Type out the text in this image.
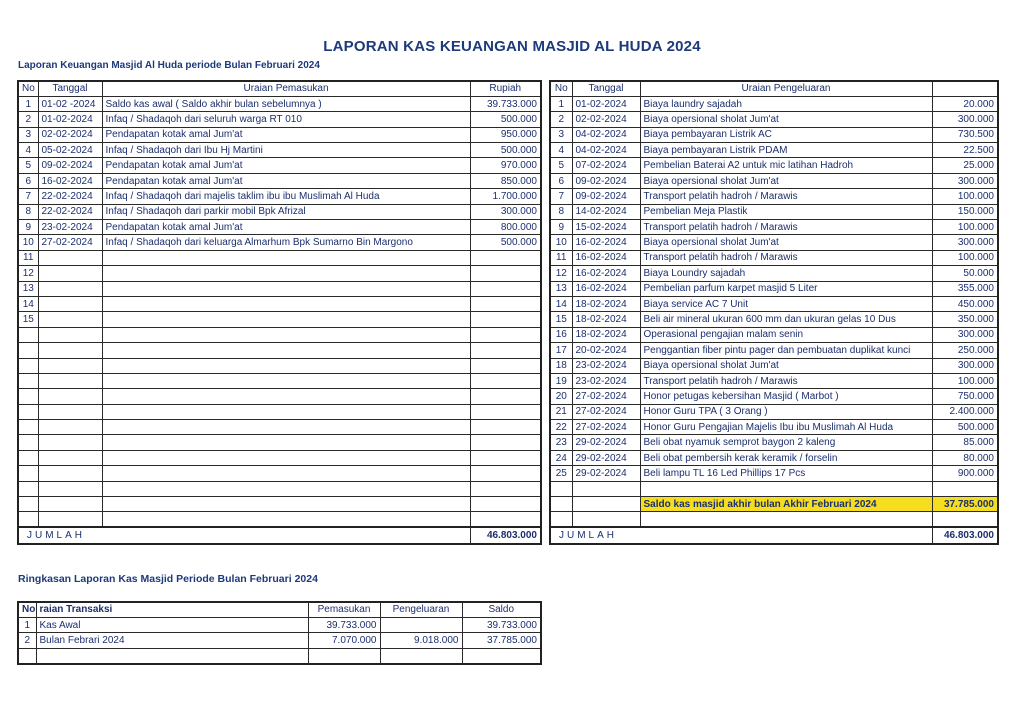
LAPORAN KAS KEUANGAN MASJID AL HUDA 2024
Laporan Keuangan Masjid Al Huda periode Bulan Februari 2024
No	Tanggal	Uraian Pemasukan	Rupiah
1	01-02 -2024	Saldo kas awal ( Saldo akhir bulan sebelumnya )	39.733.000
2	01-02-2024	Infaq / Shadaqoh dari seluruh warga RT 010	500.000
3	02-02-2024	Pendapatan kotak amal Jum'at	950.000
4	05-02-2024	Infaq / Shadaqoh dari Ibu Hj Martini	500.000
5	09-02-2024	Pendapatan kotak amal Jum'at	970.000
6	16-02-2024	Pendapatan kotak amal Jum'at	850.000
7	22-02-2024	Infaq / Shadaqoh dari majelis taklim ibu ibu Muslimah Al Huda	1.700.000
8	22-02-2024	Infaq / Shadaqoh dari parkir mobil Bpk Afrizal	300.000
9	23-02-2024	Pendapatan kotak amal Jum'at	800.000
10	27-02-2024	Infaq / Shadaqoh dari keluarga Almarhum Bpk Sumarno Bin Margono	500.000
11			
12			
13			
14			
15			

JUMLAH			46.803.000
No	Tanggal	Uraian Pengeluaran	
1	01-02-2024	Biaya laundry sajadah	20.000
2	02-02-2024	Biaya opersional sholat Jum'at	300.000
3	04-02-2024	Biaya pembayaran Listrik AC	730.500
4	04-02-2024	Biaya pembayaran Listrik PDAM	22.500
5	07-02-2024	Pembelian Baterai A2 untuk mic latihan Hadroh	25.000
6	09-02-2024	Biaya opersional sholat Jum'at	300.000
7	09-02-2024	Transport pelatih hadroh / Marawis	100.000
8	14-02-2024	Pembelian Meja Plastik	150.000
9	15-02-2024	Transport pelatih hadroh / Marawis	100.000
10	16-02-2024	Biaya opersional sholat Jum'at	300.000
11	16-02-2024	Transport pelatih hadroh / Marawis	100.000
12	16-02-2024	Biaya Loundry sajadah	50.000
13	16-02-2024	Pembelian parfum karpet masjid 5 Liter	355.000
14	18-02-2024	Biaya service AC 7 Unit	450.000
15	18-02-2024	Beli air mineral ukuran 600 mm dan ukuran gelas 10 Dus	350.000
16	18-02-2024	Operasional pengajian malam senin	300.000
17	20-02-2024	Penggantian fiber pintu pager dan pembuatan duplikat kunci	250.000
18	23-02-2024	Biaya opersional sholat Jum'at	300.000
19	23-02-2024	Transport pelatih hadroh / Marawis	100.000
20	27-02-2024	Honor petugas kebersihan Masjid ( Marbot )	750.000
21	27-02-2024	Honor Guru TPA ( 3 Orang )	2.400.000
22	27-02-2024	Honor Guru Pengajian Majelis Ibu ibu Muslimah Al Huda	500.000
23	29-02-2024	Beli obat nyamuk semprot baygon 2 kaleng	85.000
24	29-02-2024	Beli obat pembersih kerak keramik / forselin	80.000
25	29-02-2024	Beli lampu TL 16 Led Phillips 17 Pcs	900.000

		Saldo kas masjid akhir bulan Akhir Februari 2024	37.785.000

JUMLAH			46.803.000
Ringkasan Laporan Kas Masjid Periode Bulan Februari 2024
No	raian Transaksi	Pemasukan	Pengeluaran	Saldo
1	Kas Awal	39.733.000		39.733.000
2	Bulan Febrari 2024	7.070.000	9.018.000	37.785.000
